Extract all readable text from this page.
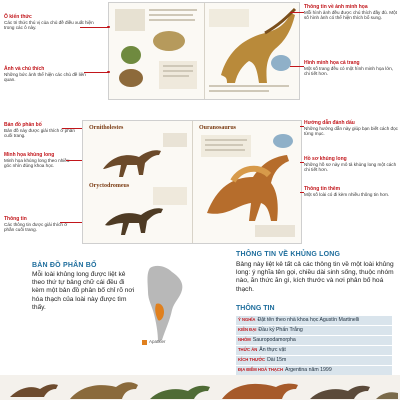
Ô kiến thức
Các tri thức thú vị của chủ đề điều xuất hiện trong các ô này.
Ảnh và chú thích
Những bức ảnh thể hiện các chủ đề liên quan.
Thông tin về ảnh minh họa
Mỗi hình ảnh đều được chú thích đầy đủ. Một số hình ảnh có thể hiện thích bổ sung.
Hình minh họa cả trang
Một số trang đều có một hình minh họa lớn, chi tiết hơn.
Ornitholestes	Ouranosaurus
Oryctodromeus
Bản đồ phân bố
Bản đồ này được giải thích ở phần cuối trang.
Minh họa khủng long
Minh họa khủng long theo nhiều góc nhìn đúng khoa học.
Thông tin
Các thông tin được giải thích ở phần cuối trang.
Hướng dẫn đánh dấu
Những hướng dẫn này giúp bạn biết cách đọc từng mục.
Hồ sơ khủng long
Những hồ sơ này mô tả khủng long một cách chi tiết hơn.
Thông tin thêm
Một số loài có đi kèm nhiều thông tin hơn.
BẢN ĐỒ PHÂN BỐ
Mỗi loài khủng long được liệt kê theo thứ tự bảng chữ cái đều đi kèm một bản đồ phân bố chỉ rõ nơi hóa thạch của loài này được tìm thấy.
Apatxier
THÔNG TIN VỀ KHỦNG LONG
Bảng này liệt kê tất cả các thông tin về một loài khủng long: ý nghĩa tên gọi, chiều dài sinh sống, thuộc nhóm nào, ăn thức ăn gì, kích thước và nơi phân bố hoá thạch.
THÔNG TIN
Ý NGHĨA Đặt tên theo nhà khoa học Agustín Martinelli
KIÊN ĐẠI Đầu kỷ Phấn Trắng
NHÓM Sauropodamorpha
THỨC ĂN Ăn thực vật
KÍCH THƯỚC Dài 15m
ĐỊA ĐIỂM HOÁ THẠCH Argentina năm 1999
